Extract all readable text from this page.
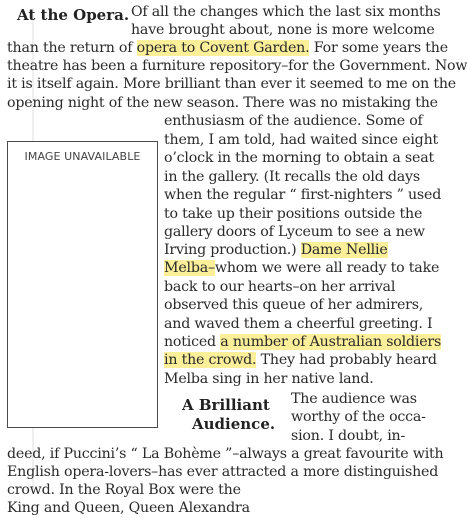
At the Opera. Of all the changes which the last six months
have brought about, none is more welcome
than the return of opera to Covent Garden. For some years the
theatre has been a furniture repository–for the Government. Now
it is itself again. More brilliant than ever it seemed to me on the
opening night of the new season. There was no mistaking the
IMAGE UNAVAILABLE
enthusiasm of the audience. Some of
them, I am told, had waited since eight
o’clock in the morning to obtain a seat
in the gallery. (It recalls the old days
when the regular “ first-nighters ” used
to take up their positions outside the
gallery doors of Lyceum to see a new
Irving production.) Dame Nellie
Melba–whom we were all ready to take
back to our hearts–on her arrival
observed this queue of her admirers,
and waved them a cheerful greeting. I
noticed a number of Australian soldiers
in the crowd. They had probably heard
Melba sing in her native land.
A Brilliant
Audience.
The audience was
worthy of the occa-
sion. I doubt, in-
deed, if Puccini’s “ La Bohème ”–always a great favourite with
English opera-lovers–has ever attracted a more distinguished
crowd. In the Royal Box were the
King and Queen, Queen Alexandra
